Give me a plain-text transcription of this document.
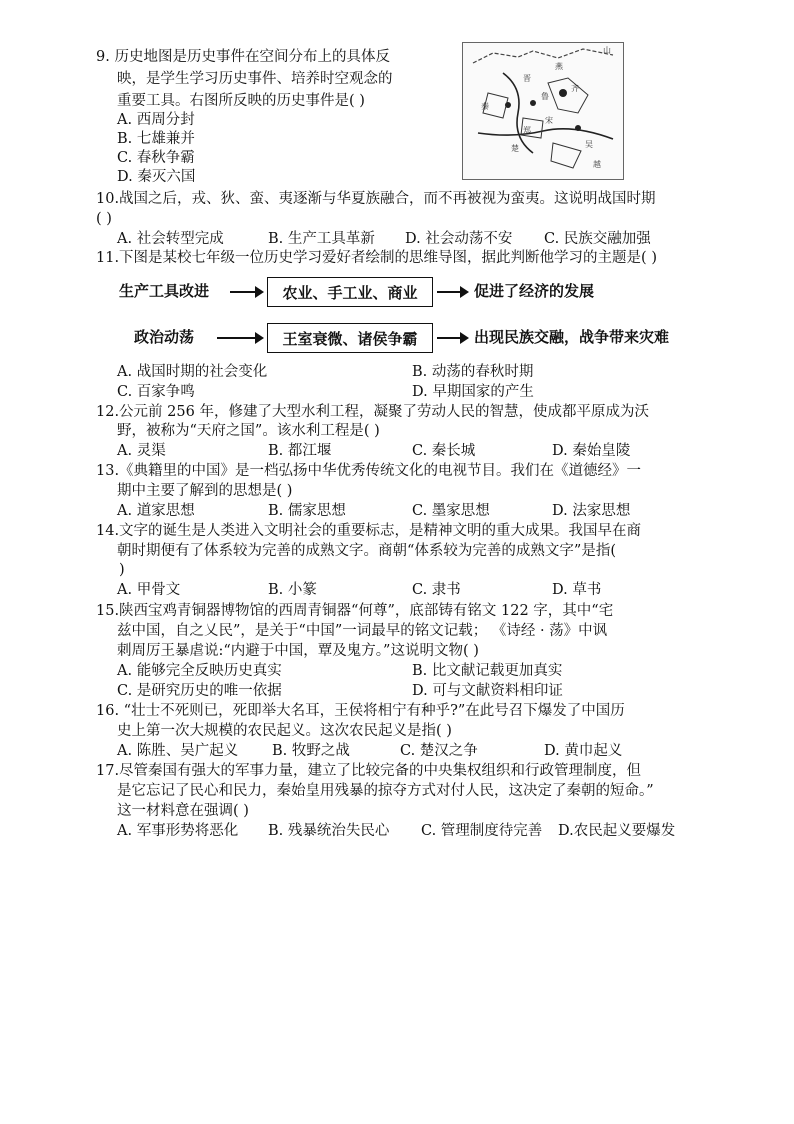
9. 历史地图是历史事件在空间分布上的具体反
映，是学生学习历史事件、培养时空观念的
重要工具。右图所反映的历史事件是( )
A. 西周分封
B. 七雄兼并
C. 春秋争霸
D. 秦灭六国
山
齐
鲁
燕
秦
楚	吴
越
晋
宋
郑
10.战国之后，戎、狄、蛮、夷逐渐与华夏族融合，而不再被视为蛮夷。这说明战国时期
( )
A. 社会转型完成	B. 生产工具革新 D. 社会动荡不安 C. 民族交融加强
11.下图是某校七年级一位历史学习爱好者绘制的思维导图，据此判断他学习的主题是( )
生产工具改进	农业、手工业、商业	促进了经济的发展
政治动荡	王室衰微、诸侯争霸	出现民族交融，战争带来灾难
A. 战国时期的社会变化	B. 动荡的春秋时期
C. 百家争鸣	D. 早期国家的产生
12.公元前 256 年，修建了大型水利工程，凝聚了劳动人民的智慧，使成都平原成为沃
野，被称为“天府之国”。该水利工程是( )
A. 灵渠	B. 都江堰	C. 秦长城	D. 秦始皇陵
13.《典籍里的中国》是一档弘扬中华优秀传统文化的电视节目。我们在《道德经》一
期中主要了解到的思想是( )
A. 道家思想	B. 儒家思想	C. 墨家思想	D. 法家思想
14.文字的诞生是人类进入文明社会的重要标志，是精神文明的重大成果。我国早在商
朝时期便有了体系较为完善的成熟文字。商朝“体系较为完善的成熟文字”是指(
)
A. 甲骨文	B. 小篆	C. 隶书	D. 草书
15.陕西宝鸡青铜器博物馆的西周青铜器“何尊”，底部铸有铭文 122 字，其中“宅
兹中国，自之乂民”，是关于“中国”一词最早的铭文记载； 《诗经 · 荡》中讽
刺周厉王暴虐说:“内避于中国，覃及鬼方。”这说明文物( )
A. 能够完全反映历史真实	B. 比文献记载更加真实
C. 是研究历史的唯一依据	D. 可与文献资料相印证
16. “壮士不死则已，死即举大名耳，王侯将相宁有种乎?”在此号召下爆发了中国历
史上第一次大规模的农民起义。这次农民起义是指( )
A. 陈胜、吴广起义 B. 牧野之战	C. 楚汉之争	D. 黄巾起义
17.尽管秦国有强大的军事力量，建立了比较完备的中央集权组织和行政管理制度，但
是它忘记了民心和民力，秦始皇用残暴的掠夺方式对付人民，这决定了秦朝的短命。”
这一材料意在强调( )
A. 军事形势将恶化 B. 残暴统治失民心 C. 管理制度待完善 D.农民起义要爆发
